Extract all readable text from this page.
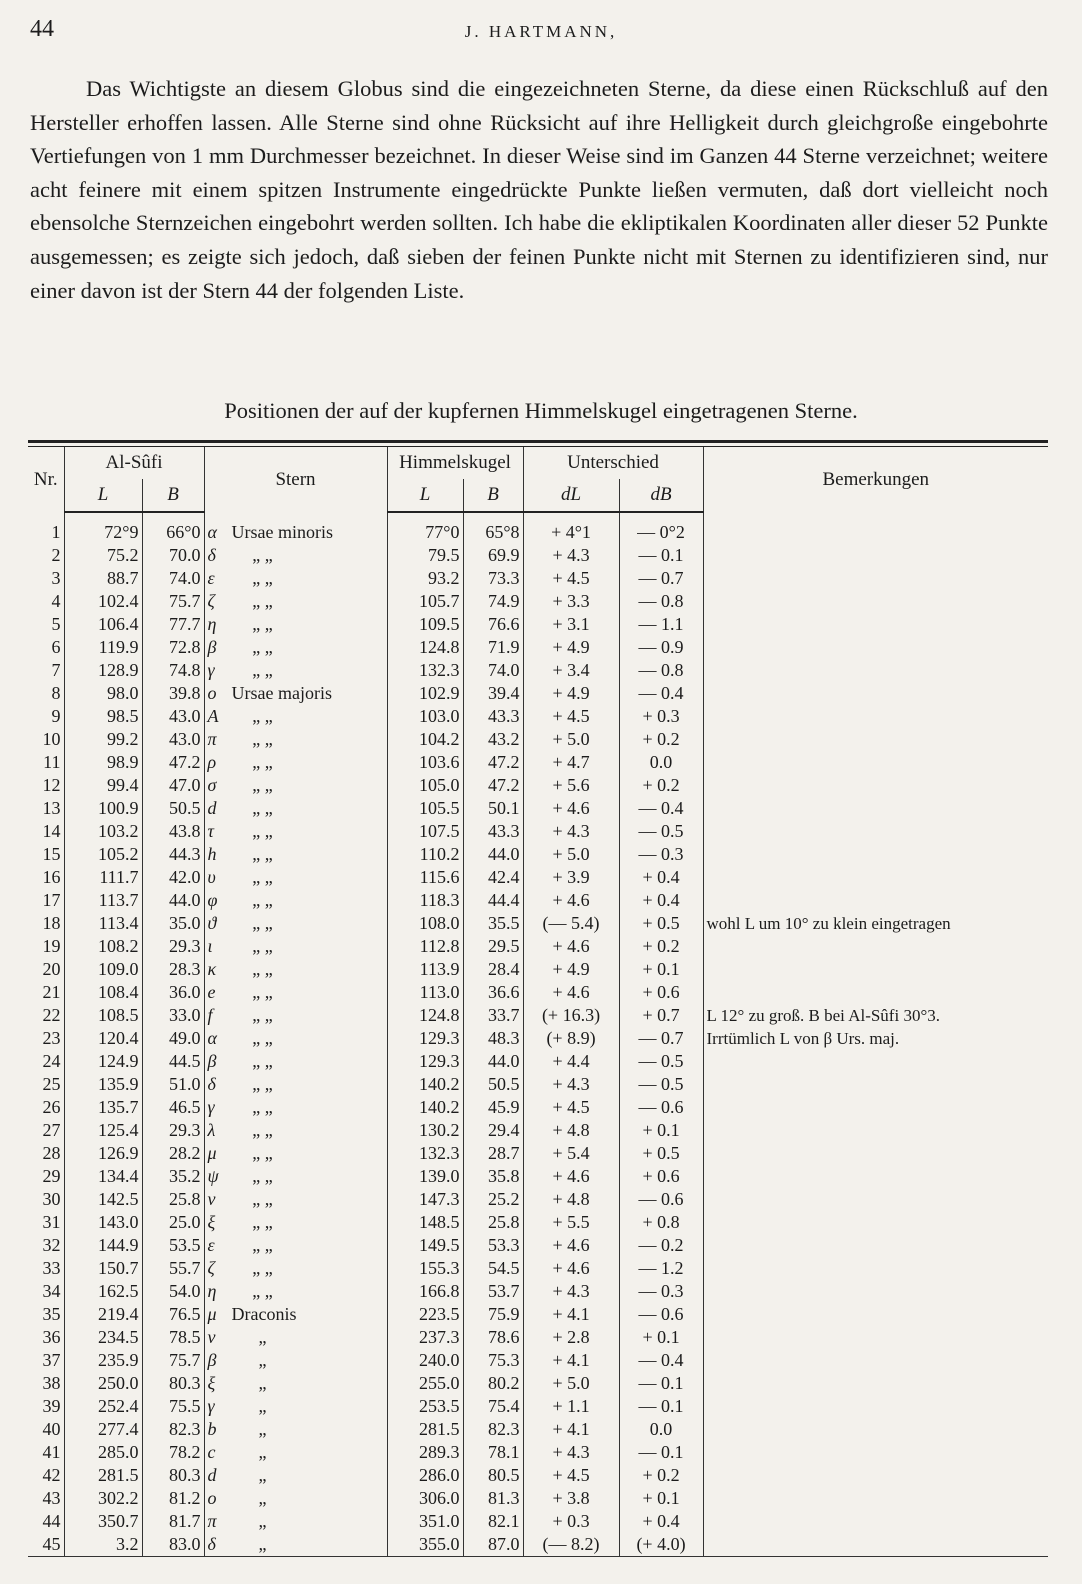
44	J. HARTMANN,

Das Wichtigste an diesem Globus sind die eingezeichneten Sterne, da diese einen Rückschluß auf den Hersteller erhoffen lassen. Alle Sterne sind ohne Rücksicht auf ihre Helligkeit durch gleichgroße eingebohrte Vertiefungen von 1 mm Durchmesser bezeichnet. In dieser Weise sind im Ganzen 44 Sterne verzeichnet; weitere acht feinere mit einem spitzen Instrumente eingedrückte Punkte ließen vermuten, daß dort vielleicht noch ebensolche Sternzeichen eingebohrt werden sollten. Ich habe die ekliptikalen Koordinaten aller dieser 52 Punkte ausgemessen; es zeigte sich jedoch, daß sieben der feinen Punkte nicht mit Sternen zu identifizieren sind, nur einer davon ist der Stern 44 der folgenden Liste.

Positionen der auf der kupfernen Himmelskugel eingetragenen Sterne.
Nr.	Al-Sûfi		Stern	Himmelskugel		Unterschied		Bemerkungen
	L	B		L	B	dL	dB	
1	72°9	66°0	α Ursae minoris	77°0	65°8	+ 4°1	— 0°2	
2	75.2	70.0	δ „ „	79.5	69.9	+ 4.3	— 0.1	
3	88.7	74.0	ε „ „	93.2	73.3	+ 4.5	— 0.7	
4	102.4	75.7	ζ „ „	105.7	74.9	+ 3.3	— 0.8	
5	106.4	77.7	η „ „	109.5	76.6	+ 3.1	— 1.1	
6	119.9	72.8	β „ „	124.8	71.9	+ 4.9	— 0.9	
7	128.9	74.8	γ „ „	132.3	74.0	+ 3.4	— 0.8	
8	98.0	39.8	o Ursae majoris	102.9	39.4	+ 4.9	— 0.4	
9	98.5	43.0	A „ „	103.0	43.3	+ 4.5	+ 0.3	
10	99.2	43.0	π „ „	104.2	43.2	+ 5.0	+ 0.2	
11	98.9	47.2	ρ „ „	103.6	47.2	+ 4.7	0.0	
12	99.4	47.0	σ „ „	105.0	47.2	+ 5.6	+ 0.2	
13	100.9	50.5	d „ „	105.5	50.1	+ 4.6	— 0.4	
14	103.2	43.8	τ „ „	107.5	43.3	+ 4.3	— 0.5	
15	105.2	44.3	h „ „	110.2	44.0	+ 5.0	— 0.3	
16	111.7	42.0	υ „ „	115.6	42.4	+ 3.9	+ 0.4	
17	113.7	44.0	φ „ „	118.3	44.4	+ 4.6	+ 0.4	
18	113.4	35.0	ϑ „ „	108.0	35.5	(— 5.4)	+ 0.5	wohl L um 10° zu klein eingetragen
19	108.2	29.3	ι „ „	112.8	29.5	+ 4.6	+ 0.2	
20	109.0	28.3	κ „ „	113.9	28.4	+ 4.9	+ 0.1	
21	108.4	36.0	e „ „	113.0	36.6	+ 4.6	+ 0.6	
22	108.5	33.0	f „ „	124.8	33.7	(+ 16.3)	+ 0.7	L 12° zu groß. B bei Al-Sûfi 30°3.
23	120.4	49.0	α „ „	129.3	48.3	(+ 8.9)	— 0.7	Irrtümlich L von β Urs. maj.
24	124.9	44.5	β „ „	129.3	44.0	+ 4.4	— 0.5	
25	135.9	51.0	δ „ „	140.2	50.5	+ 4.3	— 0.5	
26	135.7	46.5	γ „ „	140.2	45.9	+ 4.5	— 0.6	
27	125.4	29.3	λ „ „	130.2	29.4	+ 4.8	+ 0.1	
28	126.9	28.2	μ „ „	132.3	28.7	+ 5.4	+ 0.5	
29	134.4	35.2	ψ „ „	139.0	35.8	+ 4.6	+ 0.6	
30	142.5	25.8	ν „ „	147.3	25.2	+ 4.8	— 0.6	
31	143.0	25.0	ξ „ „	148.5	25.8	+ 5.5	+ 0.8	
32	144.9	53.5	ε „ „	149.5	53.3	+ 4.6	— 0.2	
33	150.7	55.7	ζ „ „	155.3	54.5	+ 4.6	— 1.2	
34	162.5	54.0	η „ „	166.8	53.7	+ 4.3	— 0.3	
35	219.4	76.5	μ Draconis	223.5	75.9	+ 4.1	— 0.6	
36	234.5	78.5	ν „	237.3	78.6	+ 2.8	+ 0.1	
37	235.9	75.7	β „	240.0	75.3	+ 4.1	— 0.4	
38	250.0	80.3	ξ „	255.0	80.2	+ 5.0	— 0.1	
39	252.4	75.5	γ „	253.5	75.4	+ 1.1	— 0.1	
40	277.4	82.3	b „	281.5	82.3	+ 4.1	0.0	
41	285.0	78.2	c „	289.3	78.1	+ 4.3	— 0.1	
42	281.5	80.3	d „	286.0	80.5	+ 4.5	+ 0.2	
43	302.2	81.2	o „	306.0	81.3	+ 3.8	+ 0.1	
44	350.7	81.7	π „	351.0	82.1	+ 0.3	+ 0.4	
45	3.2	83.0	δ „	355.0	87.0	(— 8.2)	(+ 4.0)	
